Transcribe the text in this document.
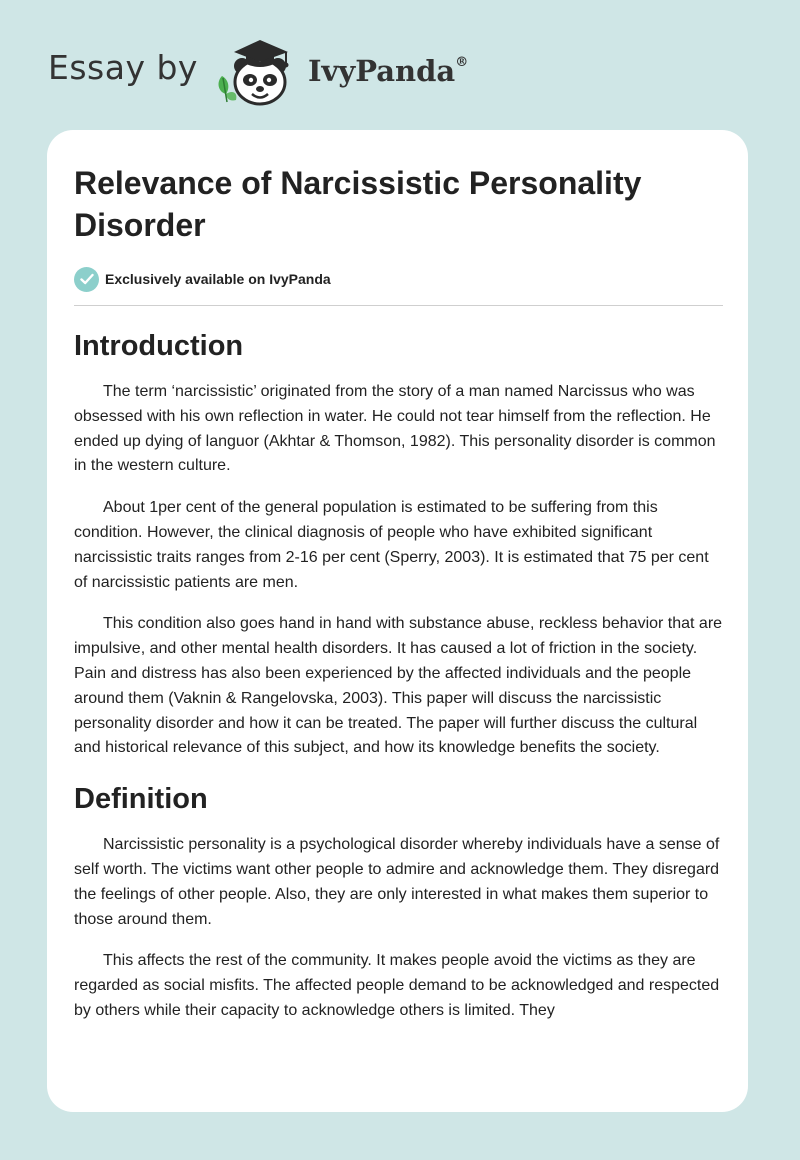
Essay by	IvyPanda®
Relevance of Narcissistic Personality Disorder
Exclusively available on IvyPanda
Introduction

The term ‘narcissistic’ originated from the story of a man named Narcissus who was obsessed with his own reflection in water. He could not tear himself from the reflection. He ended up dying of languor (Akhtar & Thomson, 1982). This personality disorder is common in the western culture.

About 1per cent of the general population is estimated to be suffering from this condition. However, the clinical diagnosis of people who have exhibited significant narcissistic traits ranges from 2-16 per cent (Sperry, 2003). It is estimated that 75 per cent of narcissistic patients are men.

This condition also goes hand in hand with substance abuse, reckless behavior that are impulsive, and other mental health disorders. It has caused a lot of friction in the society. Pain and distress has also been experienced by the affected individuals and the people around them (Vaknin & Rangelovska, 2003). This paper will discuss the narcissistic personality disorder and how it can be treated. The paper will further discuss the cultural and historical relevance of this subject, and how its knowledge benefits the society.

Definition

Narcissistic personality is a psychological disorder whereby individuals have a sense of self worth. The victims want other people to admire and acknowledge them. They disregard the feelings of other people. Also, they are only interested in what makes them superior to those around them.

This affects the rest of the community. It makes people avoid the victims as they are regarded as social misfits. The affected people demand to be acknowledged and respected by others while their capacity to acknowledge others is limited. They
